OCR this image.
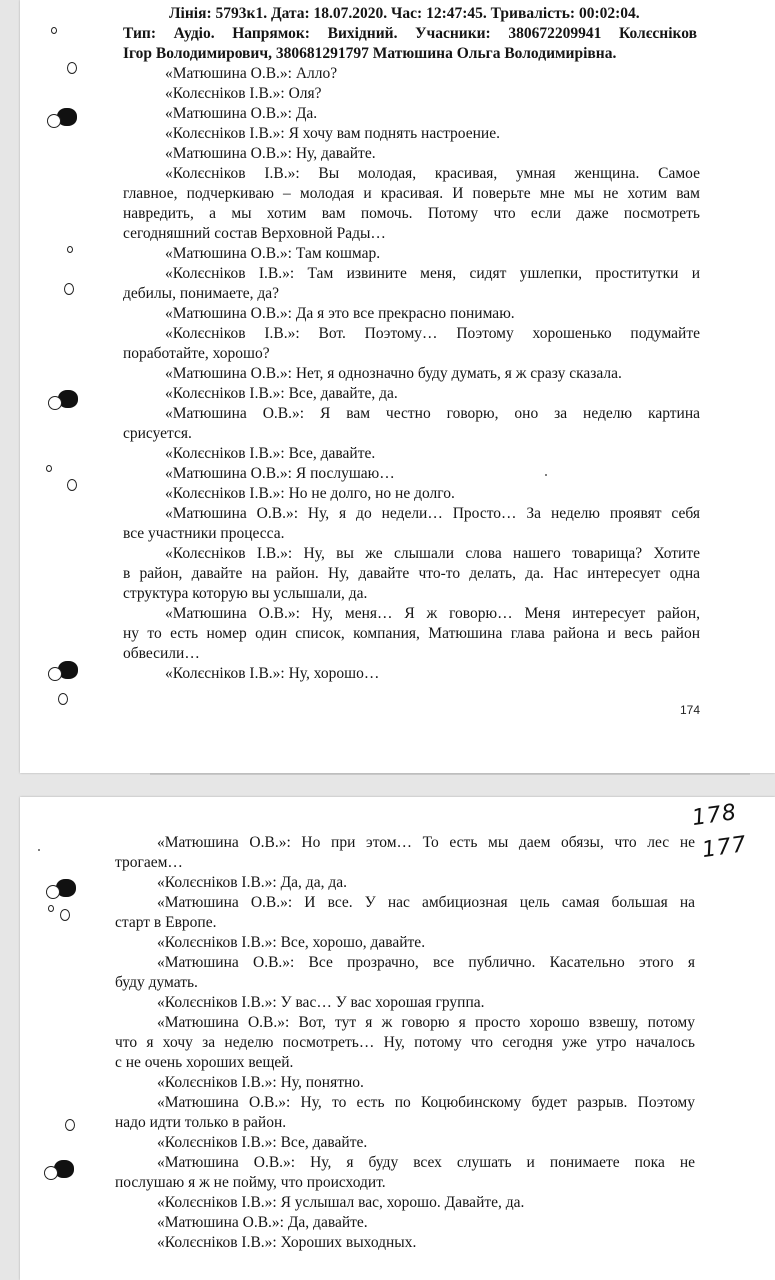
Лінія: 5793к1. Дата: 18.07.2020. Час: 12:47:45. Тривалість: 00:02:04.
Тип: Аудіо. Напрямок: Вихідний. Учасники: 380672209941 Колєсніков
Ігор Володимирович, 380681291797 Матюшина Ольга Володимирівна.

«Матюшина О.В.»: Алло?

«Колєсніков І.В.»: Оля?

«Матюшина О.В.»: Да.

«Колєсніков І.В.»: Я хочу вам поднять настроение.

«Матюшина О.В.»: Ну, давайте.

«Колєсніков І.В.»: Вы молодая, красивая, умная женщина. Самое

главное, подчеркиваю – молодая и красивая. И поверьте мне мы не хотим вам

навредить, а мы хотим вам помочь. Потому что если даже посмотреть

сегодняшний состав Верховной Рады…

«Матюшина О.В.»: Там кошмар.

«Колєсніков І.В.»: Там извините меня, сидят ушлепки, проститутки и

дебилы, понимаете, да?

«Матюшина О.В.»: Да я это все прекрасно понимаю.

«Колєсніков І.В.»: Вот. Поэтому… Поэтому хорошенько подумайте

поработайте, хорошо?

«Матюшина О.В.»: Нет, я однозначно буду думать, я ж сразу сказала.

«Колєсніков І.В.»: Все, давайте, да.

«Матюшина О.В.»: Я вам честно говорю, оно за неделю картина

срисуется.

«Колєсніков І.В.»: Все, давайте.

«Матюшина О.В.»: Я послушаю…

«Колєсніков І.В.»: Но не долго, но не долго.

«Матюшина О.В.»: Ну, я до недели… Просто… За неделю проявят себя

все участники процесса.

«Колєсніков І.В.»: Ну, вы же слышали слова нашего товарища? Хотите

в район, давайте на район. Ну, давайте что-то делать, да. Нас интересует одна

структура которую вы услышали, да.

«Матюшина О.В.»: Ну, меня… Я ж говорю… Меня интересует район,

ну то есть номер один список, компания, Матюшина глава района и весь район

обвесили…

«Колєсніков І.В.»: Ну, хорошо…

174
178
177

«Матюшина О.В.»: Но при этом… То есть мы даем обязы, что лес не

трогаем…

«Колєсніков І.В.»: Да, да, да.

«Матюшина О.В.»: И все. У нас амбициозная цель самая большая на

старт в Европе.

«Колєсніков І.В.»: Все, хорошо, давайте.

«Матюшина О.В.»: Все прозрачно, все публично. Касательно этого я

буду думать.

«Колєсніков І.В.»: У вас… У вас хорошая группа.

«Матюшина О.В.»: Вот, тут я ж говорю я просто хорошо взвешу, потому

что я хочу за неделю посмотреть… Ну, потому что сегодня уже утро началось

с не очень хороших вещей.

«Колєсніков І.В.»: Ну, понятно.

«Матюшина О.В.»: Ну, то есть по Коцюбинскому будет разрыв. Поэтому

надо идти только в район.

«Колєсніков І.В.»: Все, давайте.

«Матюшина О.В.»: Ну, я буду всех слушать и понимаете пока не

послушаю я ж не пойму, что происходит.

«Колєсніков І.В.»: Я услышал вас, хорошо. Давайте, да.

«Матюшина О.В.»: Да, давайте.

«Колєсніков І.В.»: Хороших выходных.
